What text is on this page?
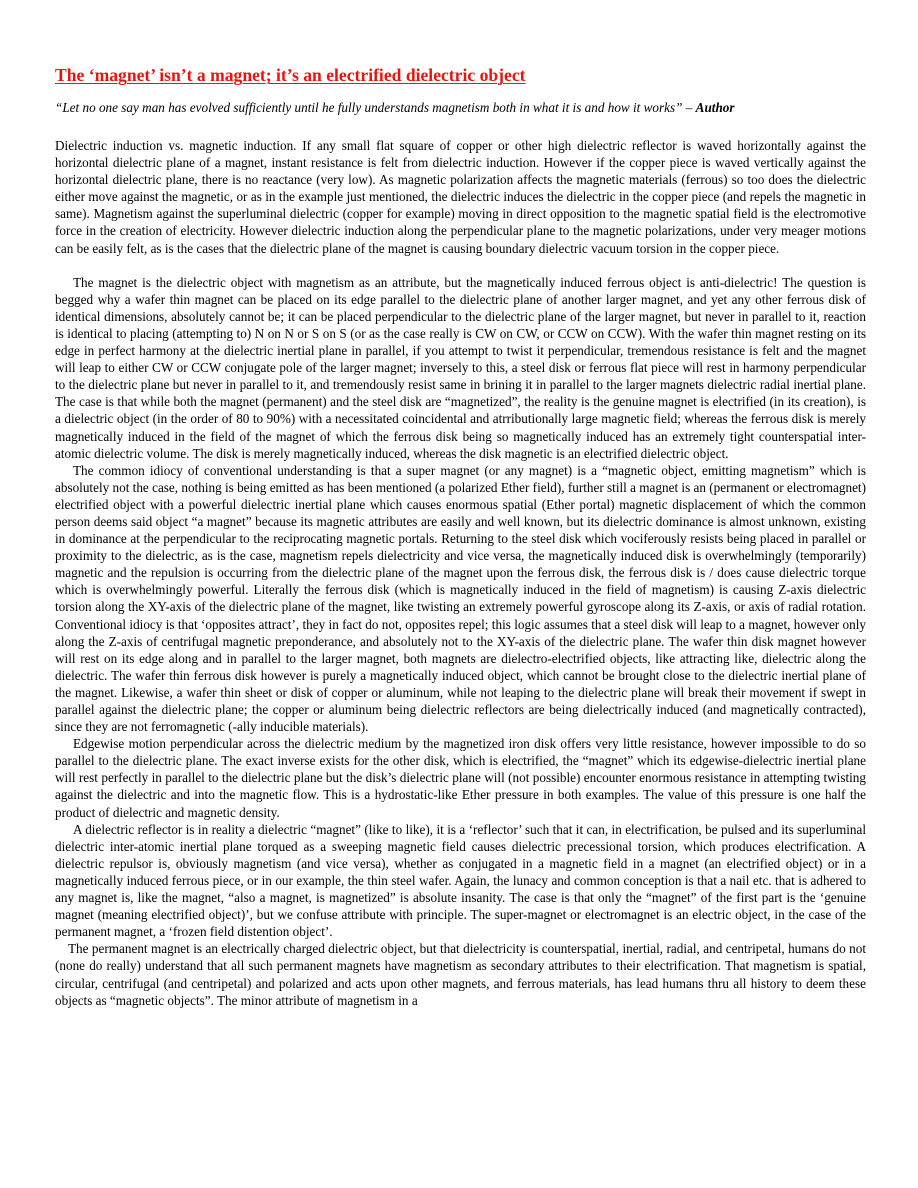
The ‘magnet’ isn’t a magnet; it’s an electrified dielectric object
“Let no one say man has evolved sufficiently until he fully understands magnetism both in what it is and how it works” – Author

Dielectric induction vs. magnetic induction. If any small flat square of copper or other high dielectric reflector is waved horizontally against the horizontal dielectric plane of a magnet, instant resistance is felt from dielectric induction. However if the copper piece is waved vertically against the horizontal dielectric plane, there is no reactance (very low). As magnetic polarization affects the magnetic materials (ferrous) so too does the dielectric either move against the magnetic, or as in the example just mentioned, the dielectric induces the dielectric in the copper piece (and repels the magnetic in same). Magnetism against the superluminal dielectric (copper for example) moving in direct opposition to the magnetic spatial field is the electromotive force in the creation of electricity. However dielectric induction along the perpendicular plane to the magnetic polarizations, under very meager motions can be easily felt, as is the cases that the dielectric plane of the magnet is causing boundary dielectric vacuum torsion in the copper piece.

The magnet is the dielectric object with magnetism as an attribute, but the magnetically induced ferrous object is anti-dielectric! The question is begged why a wafer thin magnet can be placed on its edge parallel to the dielectric plane of another larger magnet, and yet any other ferrous disk of identical dimensions, absolutely cannot be; it can be placed perpendicular to the dielectric plane of the larger magnet, but never in parallel to it, reaction is identical to placing (attempting to) N on N or S on S (or as the case really is CW on CW, or CCW on CCW). With the wafer thin magnet resting on its edge in perfect harmony at the dielectric inertial plane in parallel, if you attempt to twist it perpendicular, tremendous resistance is felt and the magnet will leap to either CW or CCW conjugate pole of the larger magnet; inversely to this, a steel disk or ferrous flat piece will rest in harmony perpendicular to the dielectric plane but never in parallel to it, and tremendously resist same in brining it in parallel to the larger magnets dielectric radial inertial plane. The case is that while both the magnet (permanent) and the steel disk are “magnetized”, the reality is the genuine magnet is electrified (in its creation), is a dielectric object (in the order of 80 to 90%) with a necessitated coincidental and atrributionally large magnetic field; whereas the ferrous disk is merely magnetically induced in the field of the magnet of which the ferrous disk being so magnetically induced has an extremely tight counterspatial inter-atomic dielectric volume. The disk is merely magnetically induced, whereas the disk magnetic is an electrified dielectric object.

The common idiocy of conventional understanding is that a super magnet (or any magnet) is a “magnetic object, emitting magnetism” which is absolutely not the case, nothing is being emitted as has been mentioned (a polarized Ether field), further still a magnet is an (permanent or electromagnet) electrified object with a powerful dielectric inertial plane which causes enormous spatial (Ether portal) magnetic displacement of which the common person deems said object “a magnet” because its magnetic attributes are easily and well known, but its dielectric dominance is almost unknown, existing in dominance at the perpendicular to the reciprocating magnetic portals. Returning to the steel disk which vociferously resists being placed in parallel or proximity to the dielectric, as is the case, magnetism repels dielectricity and vice versa, the magnetically induced disk is overwhelmingly (temporarily) magnetic and the repulsion is occurring from the dielectric plane of the magnet upon the ferrous disk, the ferrous disk is / does cause dielectric torque which is overwhelmingly powerful. Literally the ferrous disk (which is magnetically induced in the field of magnetism) is causing Z-axis dielectric torsion along the XY-axis of the dielectric plane of the magnet, like twisting an extremely powerful gyroscope along its Z-axis, or axis of radial rotation. Conventional idiocy is that ‘opposites attract’, they in fact do not, opposites repel; this logic assumes that a steel disk will leap to a magnet, however only along the Z-axis of centrifugal magnetic preponderance, and absolutely not to the XY-axis of the dielectric plane. The wafer thin disk magnet however will rest on its edge along and in parallel to the larger magnet, both magnets are dielectro-electrified objects, like attracting like, dielectric along the dielectric. The wafer thin ferrous disk however is purely a magnetically induced object, which cannot be brought close to the dielectric inertial plane of the magnet. Likewise, a wafer thin sheet or disk of copper or aluminum, while not leaping to the dielectric plane will break their movement if swept in parallel against the dielectric plane; the copper or aluminum being dielectric reflectors are being dielectrically induced (and magnetically contracted), since they are not ferromagnetic (-ally inducible materials).

Edgewise motion perpendicular across the dielectric medium by the magnetized iron disk offers very little resistance, however impossible to do so parallel to the dielectric plane. The exact inverse exists for the other disk, which is electrified, the “magnet” which its edgewise-dielectric inertial plane will rest perfectly in parallel to the dielectric plane but the disk’s dielectric plane will (not possible) encounter enormous resistance in attempting twisting against the dielectric and into the magnetic flow. This is a hydrostatic-like Ether pressure in both examples. The value of this pressure is one half the product of dielectric and magnetic density.

A dielectric reflector is in reality a dielectric “magnet” (like to like), it is a ‘reflector’ such that it can, in electrification, be pulsed and its superluminal dielectric inter-atomic inertial plane torqued as a sweeping magnetic field causes dielectric precessional torsion, which produces electrification. A dielectric repulsor is, obviously magnetism (and vice versa), whether as conjugated in a magnetic field in a magnet (an electrified object) or in a magnetically induced ferrous piece, or in our example, the thin steel wafer. Again, the lunacy and common conception is that a nail etc. that is adhered to any magnet is, like the magnet, “also a magnet, is magnetized” is absolute insanity. The case is that only the “magnet” of the first part is the ‘genuine magnet (meaning electrified object)’, but we confuse attribute with principle. The super-magnet or electromagnet is an electric object, in the case of the permanent magnet, a ‘frozen field distention object’.

The permanent magnet is an electrically charged dielectric object, but that dielectricity is counterspatial, inertial, radial, and centripetal, humans do not (none do really) understand that all such permanent magnets have magnetism as secondary attributes to their electrification. That magnetism is spatial, circular, centrifugal (and centripetal) and polarized and acts upon other magnets, and ferrous materials, has lead humans thru all history to deem these objects as “magnetic objects”. The minor attribute of magnetism in a
